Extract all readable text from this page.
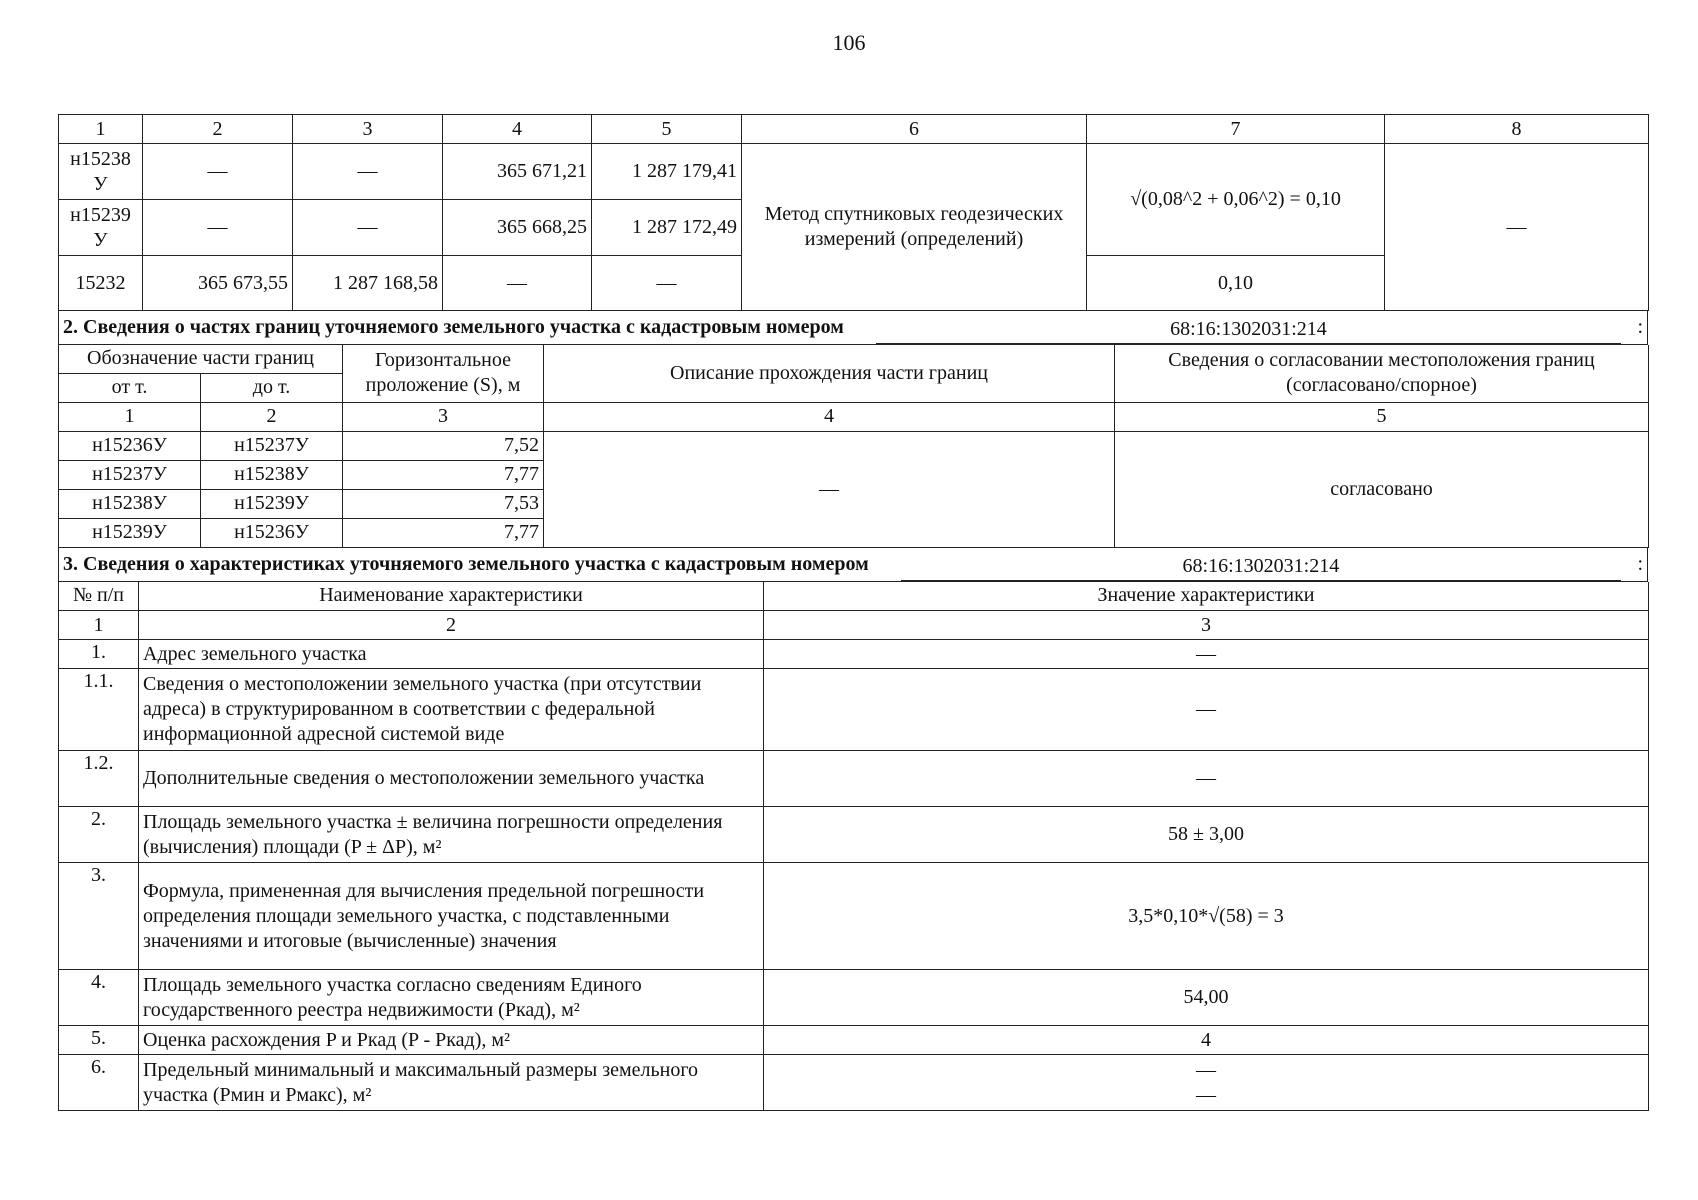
106
1	2	3	4	5	6	7	8
н15238 У	—	—	365 671,21	1 287 179,41	Метод спутниковых геодезических измерений (определений)	√(0,08^2 + 0,06^2) = 0,10	—
н15239 У	—	—	365 668,25	1 287 172,49			
15232	365 673,55	1 287 168,58	—	—		0,10	
2. Сведения о частях границ уточняемого земельного участка с кадастровым номером	68:16:1302031:214	:
Обозначение части границ		Горизонтальное проложение (S), м	Описание прохождения части границ	Сведения о согласовании местоположения границ (согласовано/спорное)
от т.	до т.			
1	2	3	4	5
н15236У	н15237У	7,52	—	согласовано
н15237У	н15238У	7,77		
н15238У	н15239У	7,53		
н15239У	н15236У	7,77		
3. Сведения о характеристиках уточняемого земельного участка с кадастровым номером	68:16:1302031:214	:
№ п/п	Наименование характеристики	Значение характеристики
1	2	3
1.	Адрес земельного участка	—
1.1.	Сведения о местоположении земельного участка (при отсутствии адреса) в структурированном в соответствии с федеральной информационной адресной системой виде	—
1.2.	Дополнительные сведения о местоположении земельного участка	—
2.	Площадь земельного участка ± величина погрешности определения (вычисления) площади (P ± ΔP), м²	58 ± 3,00
3.	Формула, примененная для вычисления предельной погрешности определения площади земельного участка, с подставленными значениями и итоговые (вычисленные) значения	3,5*0,10*√(58) = 3
4.	Площадь земельного участка согласно сведениям Единого государственного реестра недвижимости (Ркад), м²	54,00
5.	Оценка расхождения P и Ркад (P - Ркад), м²	4
6.	Предельный минимальный и максимальный размеры земельного участка (Pмин и Pмакс), м²	—
—
